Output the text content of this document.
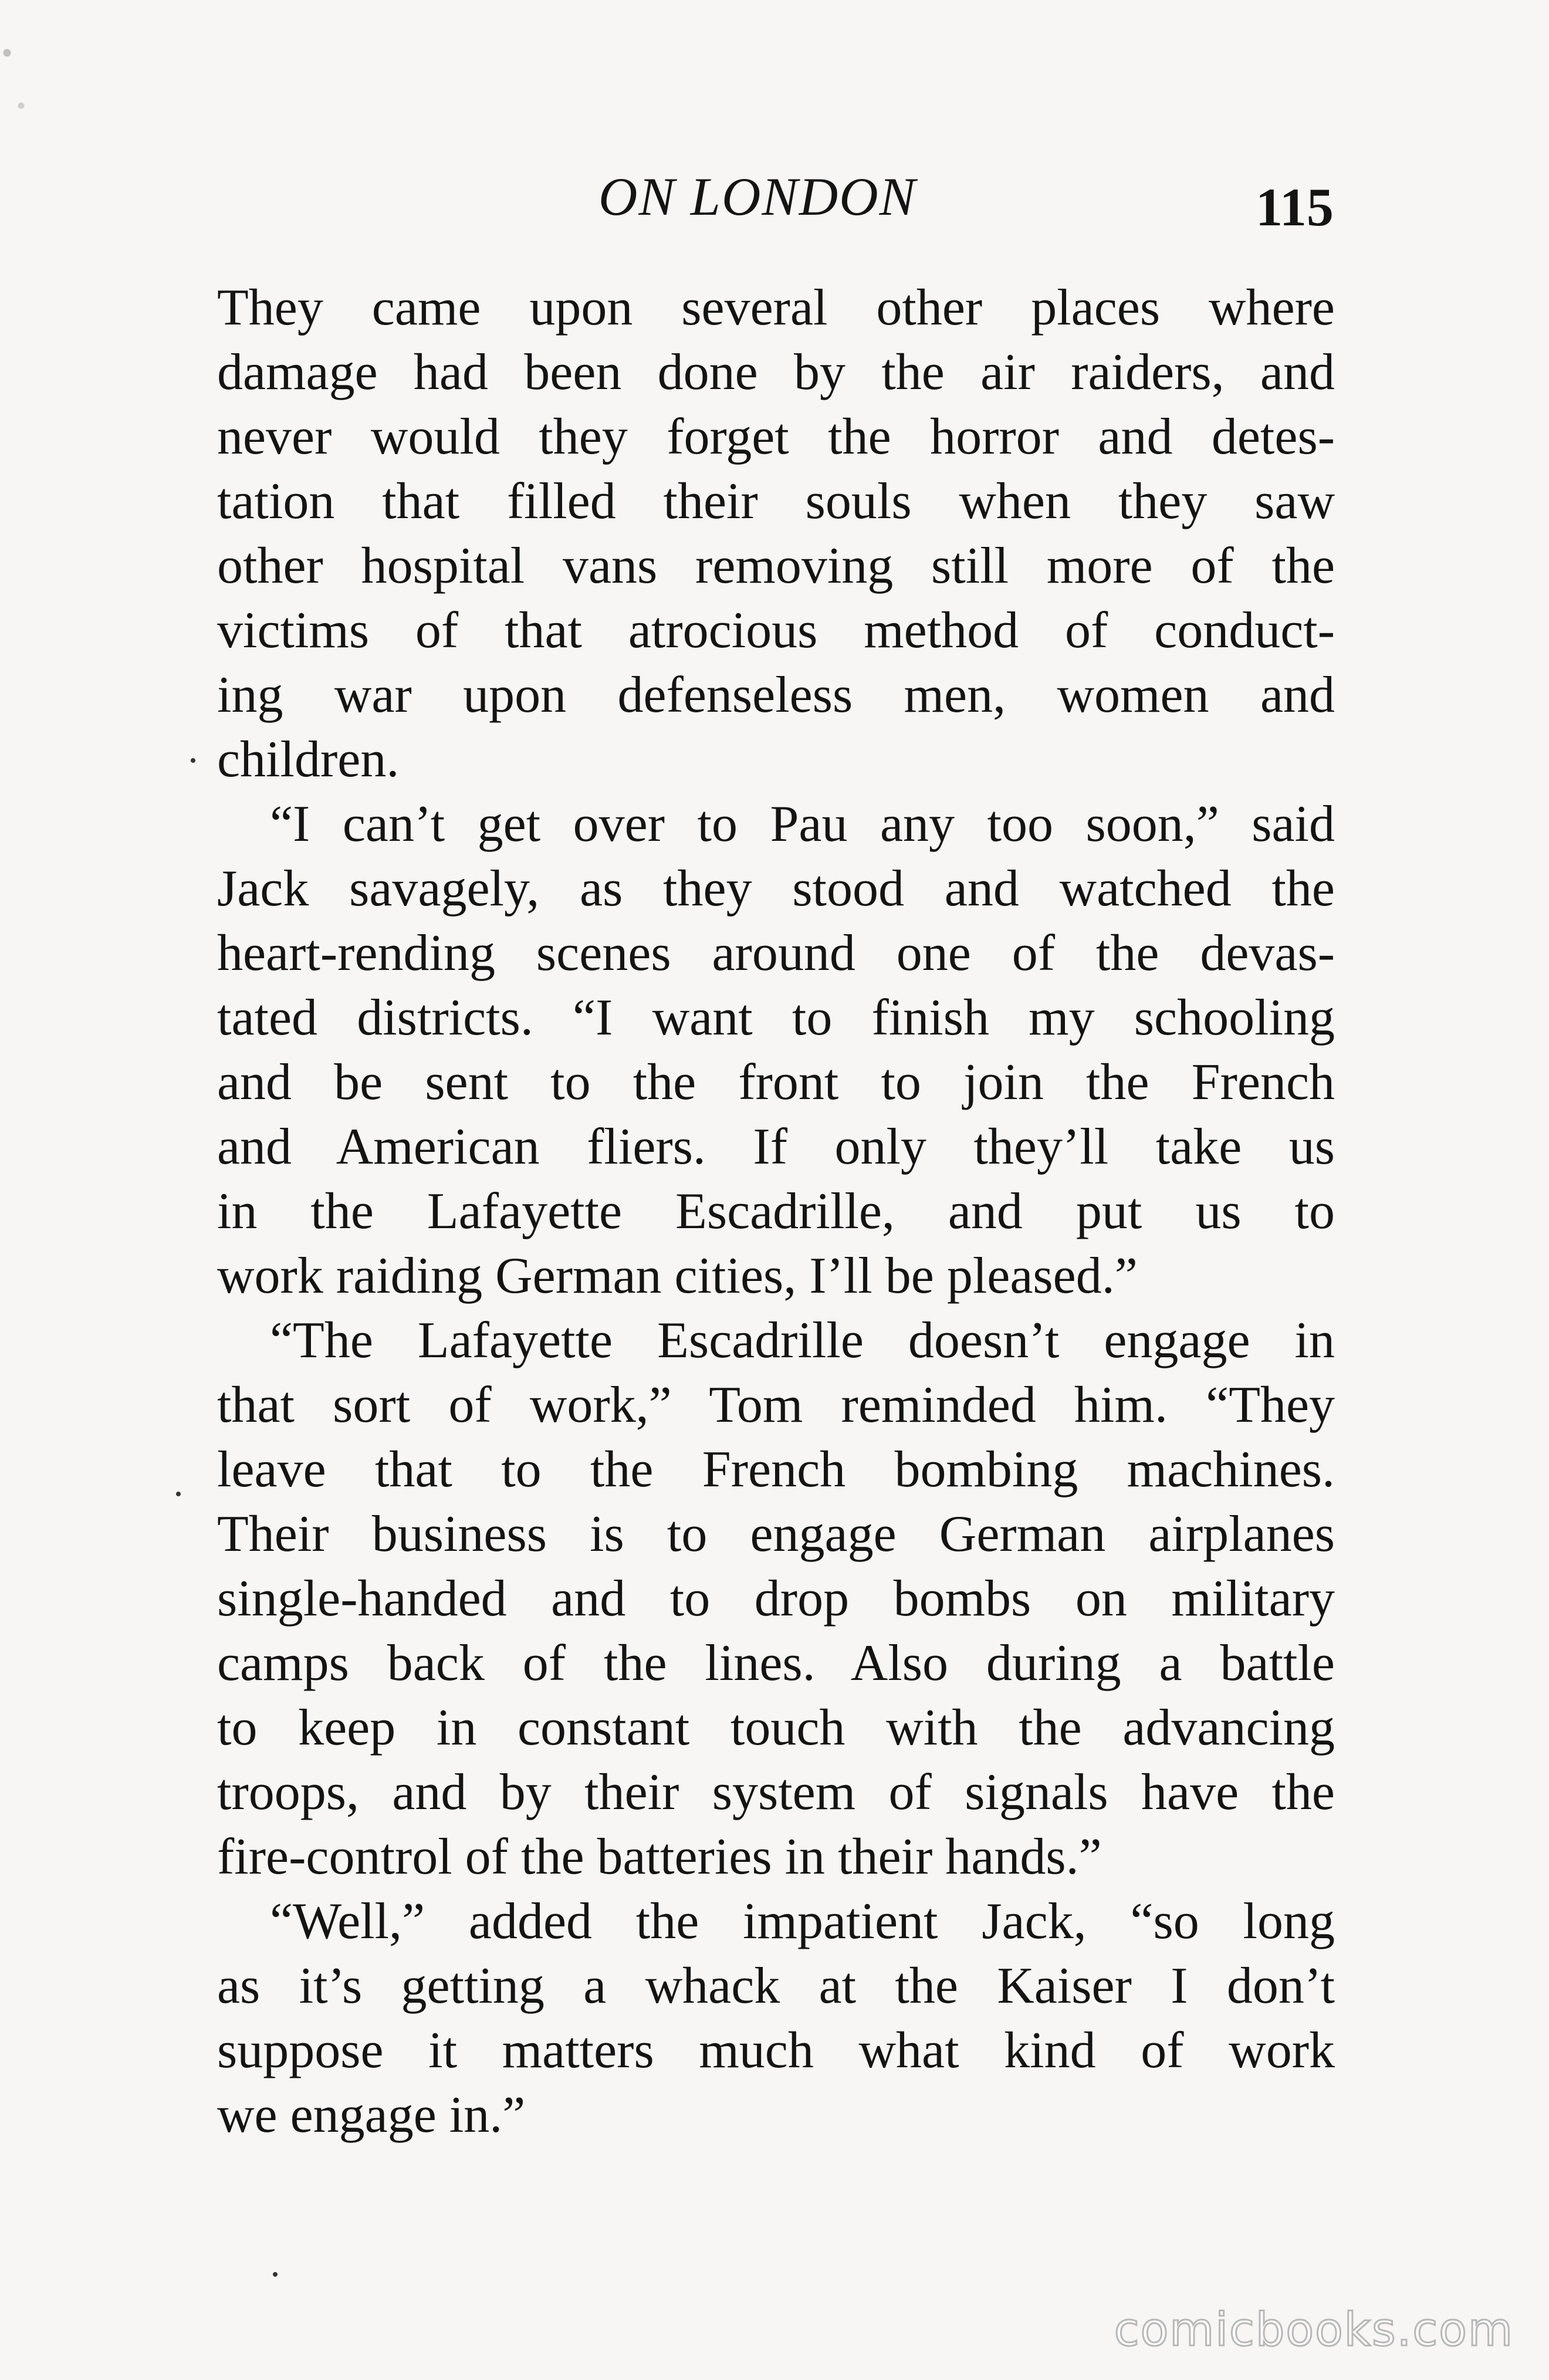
ON LONDON	115
They came upon several other places where
damage had been done by the air raiders, and
never would they forget the horror and detes-
tation that filled their souls when they saw
other hospital vans removing still more of the
victims of that atrocious method of conduct-
ing war upon defenseless men, women and
children.
“I can’t get over to Pau any too soon,” said
Jack savagely, as they stood and watched the
heart-rending scenes around one of the devas-
tated districts. “I want to finish my schooling
and be sent to the front to join the French
and American fliers. If only they’ll take us
in the Lafayette Escadrille, and put us to
work raiding German cities, I’ll be pleased.”
“The Lafayette Escadrille doesn’t engage in
that sort of work,” Tom reminded him. “They
leave that to the French bombing machines.
Their business is to engage German airplanes
single-handed and to drop bombs on military
camps back of the lines. Also during a battle
to keep in constant touch with the advancing
troops, and by their system of signals have the
fire-control of the batteries in their hands.”
“Well,” added the impatient Jack, “so long
as it’s getting a whack at the Kaiser I don’t
suppose it matters much what kind of work
we engage in.”
comicbooks.com
